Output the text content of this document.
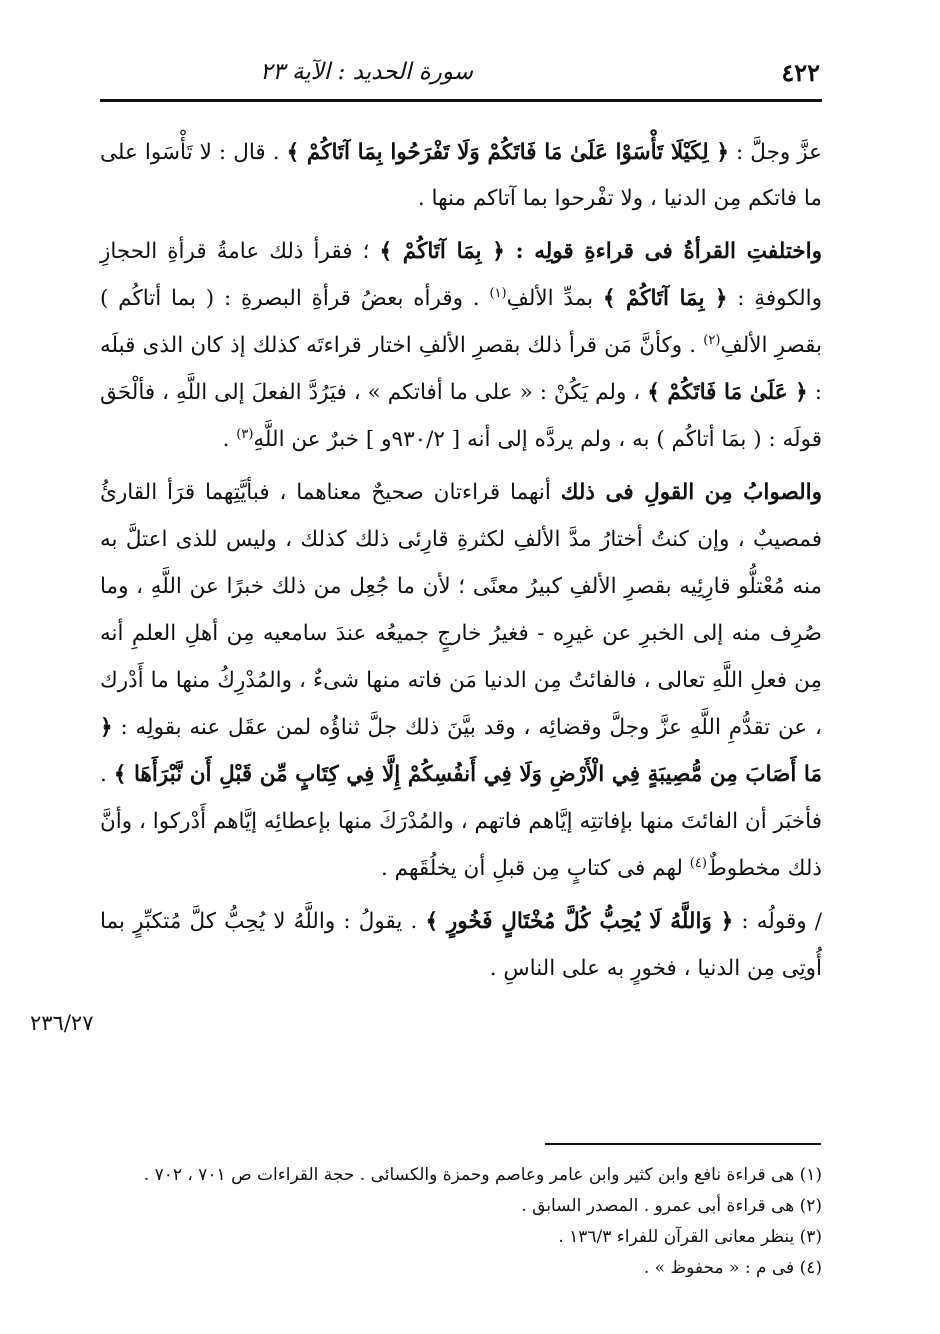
٤٢٢
سورة الحديد : الآية ٢٣
٢٣٦/٢٧

عزَّ وجلَّ : ﴿ لِكَيْلَا تَأْسَوْا عَلَىٰ مَا فَاتَكُمْ وَلَا تَفْرَحُوا بِمَا آتَاكُمْ ﴾ . قال : لا تَأْسَوا على ما فاتكم مِن الدنيا ، ولا تفْرحوا بما آتاكم منها .

واختلفتِ القرأةُ فى قراءةِ قولِه : ﴿ بِمَا آتَاكُمْ ﴾ ؛ فقرأ ذلك عامةُ قرأةِ الحجازِ والكوفةِ : ﴿ بِمَا آتَاكُمْ ﴾ بمدِّ الألفِ$^{(١)}$ . وقرأه بعضُ قرأةِ البصرةِ : ( بما أتاكُم ) بقصرِ الألفِ$^{(٢)}$ . وكأنَّ مَن قرأ ذلك بقصرِ الألفِ اختار قراءتَه كذلك إذ كان الذى قبلَه : ﴿ عَلَىٰ مَا فَاتَكُمْ ﴾ ، ولم يَكُنْ : « على ما أفاتكم » ، فيَرُدَّ الفعلَ إلى اللَّهِ ، فألْحَق قولَه : ( بمَا أتاكُم ) به ، ولم يردَّه إلى أنه [ ٩٣٠/٢و ] خبرٌ عن اللَّهِ$^{(٣)}$ .

والصوابُ مِن القولِ فى ذلك أنهما قراءتان صحيحٌ معناهما ، فبأيَّتِهما قرَأ القارئُ فمصيبٌ ، وإن كنتُ أختارُ مدَّ الألفِ لكثرةِ قارِئى ذلك كذلك ، وليس للذى اعتلَّ به منه مُعْتلُّو قارِئِيه بقصرِ الألفِ كبيرُ معنًى ؛ لأن ما جُعِل من ذلك خبرًا عن اللَّهِ ، وما صُرِف منه إلى الخبرِ عن غيرِه - فغيرُ خارجٍ جميعُه عندَ سامعيه مِن أهلِ العلمِ أنه مِن فعلِ اللَّهِ تعالى ، فالفائتُ مِن الدنيا مَن فاته منها شىءٌ ، والمُدْرِكُ منها ما أَدْرك ، عن تقدُّمِ اللَّهِ عزَّ وجلَّ وقضائِه ، وقد بيَّنَ ذلك جلَّ ثناؤُه لمن عقَل عنه بقولِه : ﴿ مَا أَصَابَ مِن مُّصِيبَةٍ فِي الْأَرْضِ وَلَا فِي أَنفُسِكُمْ إِلَّا فِي كِتَابٍ مِّن قَبْلِ أَن نَّبْرَأَهَا ﴾ . فأخبَر أن الفائتَ منها بإفاتتِه إيَّاهم فاتهم ، والمُدْرَكَ منها بإعطائِه إيَّاهم أَدْركوا ، وأنَّ ذلك مخطوطٌ$^{(٤)}$ لهم فى كتابٍ مِن قبلِ أن يخلُقَهم .

/ وقولُه : ﴿ وَاللَّهُ لَا يُحِبُّ كُلَّ مُخْتَالٍ فَخُورٍ ﴾ . يقولُ : واللَّهُ لا يُحِبُّ كلَّ مُتكبِّرٍ بما أُوتِى مِن الدنيا ، فخورٍ به على الناسِ .

(١) هى قراءة نافع وابن كثير وابن عامر وعاصم وحمزة والكسائى . حجة القراءات ص ٧٠١ ، ٧٠٢ .

(٢) هى قراءة أبى عمرو . المصدر السابق .

(٣) ينظر معانى القرآن للفراء ١٣٦/٣ .

(٤) فى م : « محفوظ » .
